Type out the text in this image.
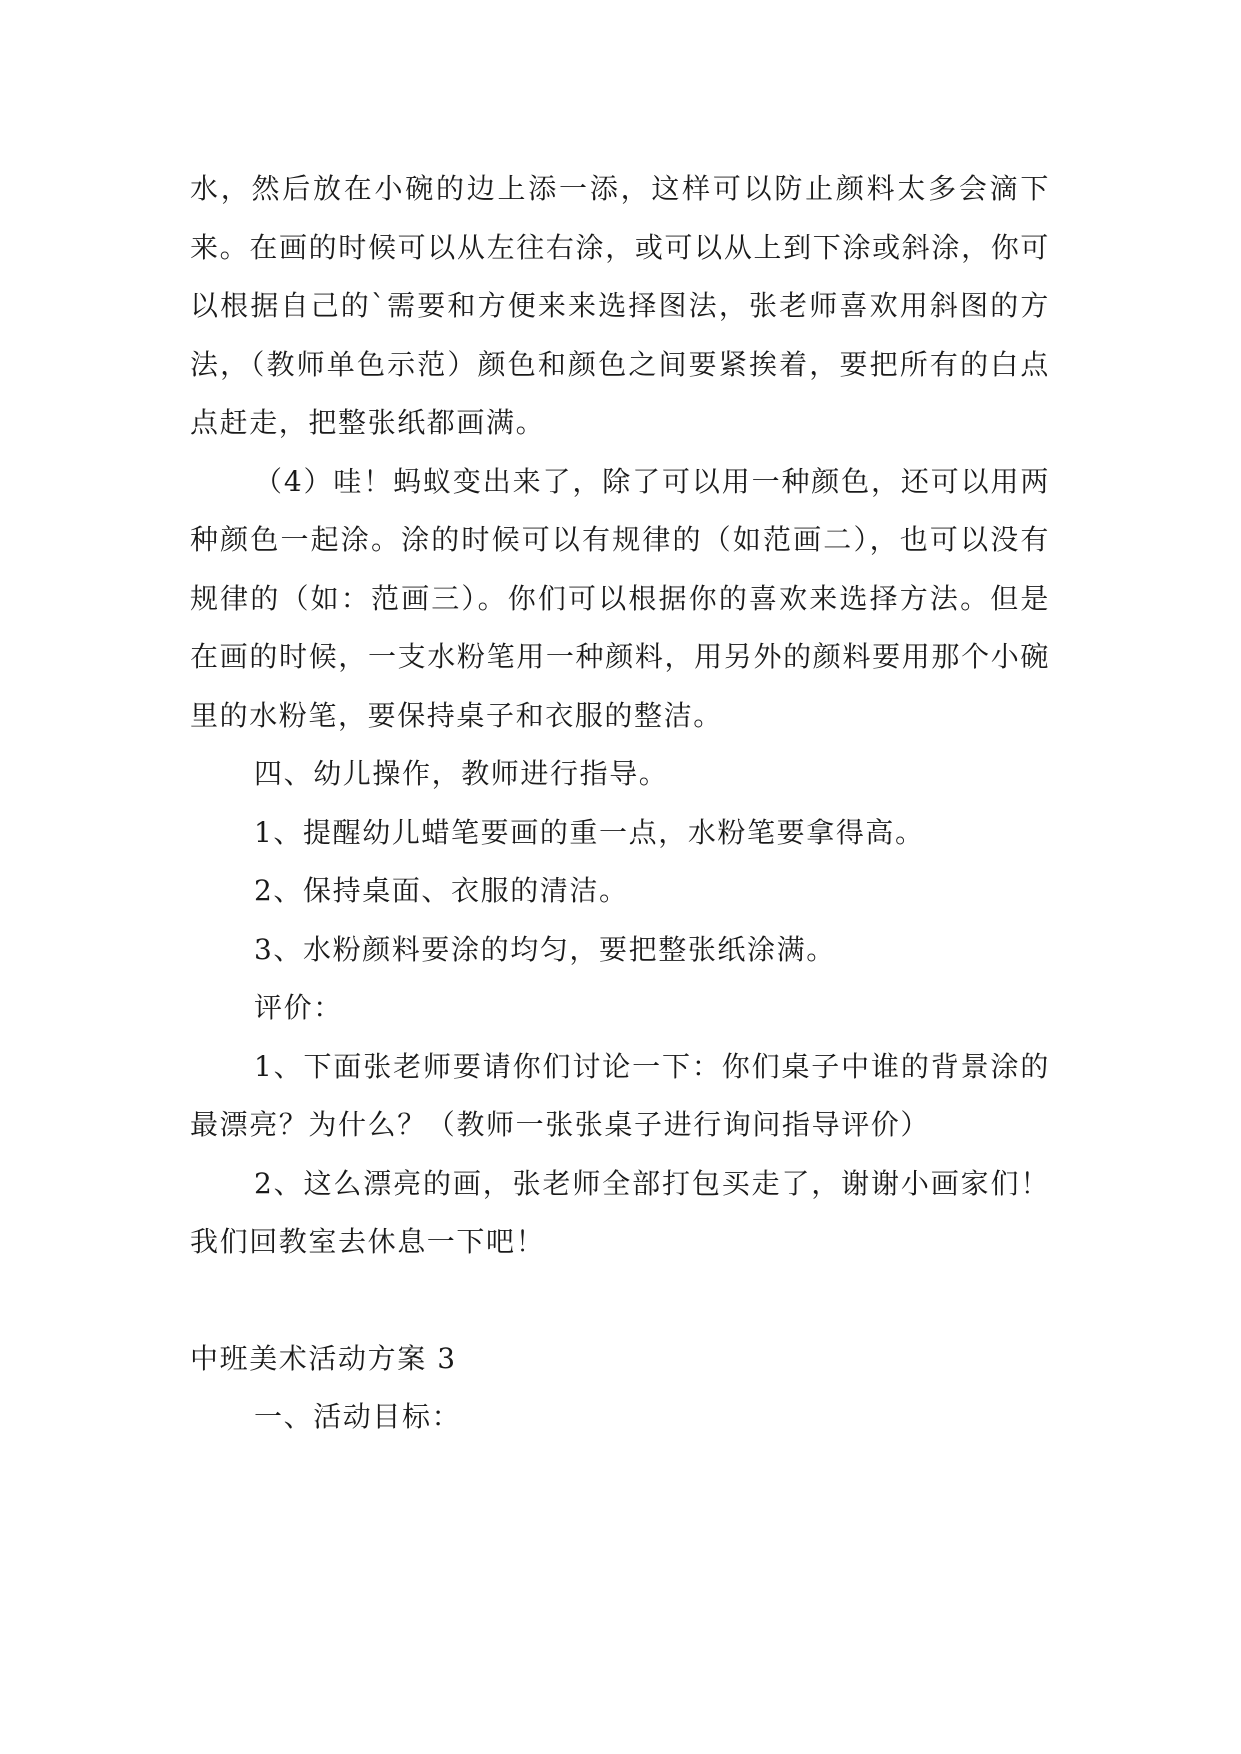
水，然后放在小碗的边上添一添，这样可以防止颜料太多会滴下来。在画的时候可以从左往右涂，或可以从上到下涂或斜涂，你可以根据自己的`需要和方便来来选择图法，张老师喜欢用斜图的方法，（教师单色示范）颜色和颜色之间要紧挨着，要把所有的白点点赶走，把整张纸都画满。

（4）哇！蚂蚁变出来了，除了可以用一种颜色，还可以用两种颜色一起涂。涂的时候可以有规律的（如范画二），也可以没有规律的（如：范画三）。你们可以根据你的喜欢来选择方法。但是在画的时候，一支水粉笔用一种颜料，用另外的颜料要用那个小碗里的水粉笔，要保持桌子和衣服的整洁。

四、幼儿操作，教师进行指导。

1、提醒幼儿蜡笔要画的重一点，水粉笔要拿得高。

2、保持桌面、衣服的清洁。

3、水粉颜料要涂的均匀，要把整张纸涂满。

评价：

1、下面张老师要请你们讨论一下：你们桌子中谁的背景涂的最漂亮？为什么？（教师一张张桌子进行询问指导评价）

2、这么漂亮的画，张老师全部打包买走了，谢谢小画家们！我们回教室去休息一下吧！

中班美术活动方案 3

一、活动目标：
